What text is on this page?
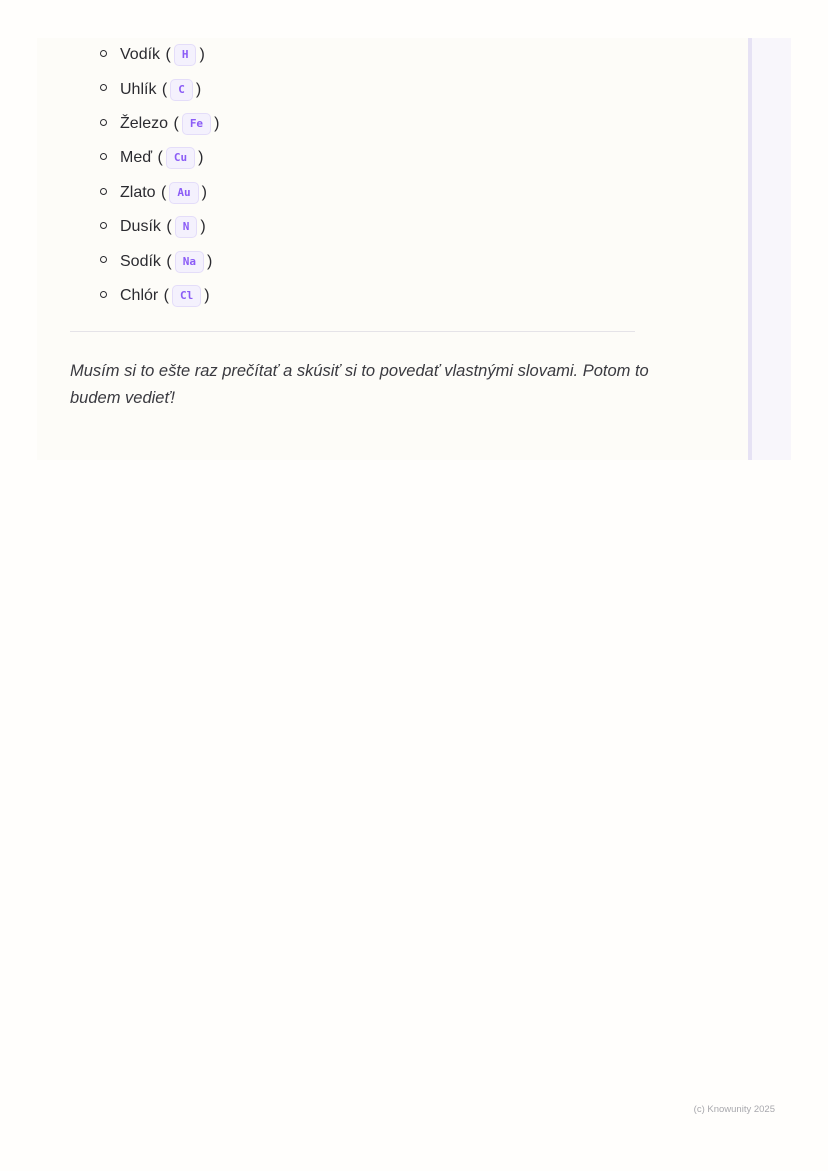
Vodík (	H )
Uhlík (	C )
Železo (	Fe )
Meď (	Cu )
Zlato (	Au )
Dusík (	N )
Sodík (	Na )
Chlór (	Cl )

Musím si to ešte raz prečítať a skúsiť si to povedať vlastnými slovami. Potom to budem vedieť!

(c) Knowunity 2025
